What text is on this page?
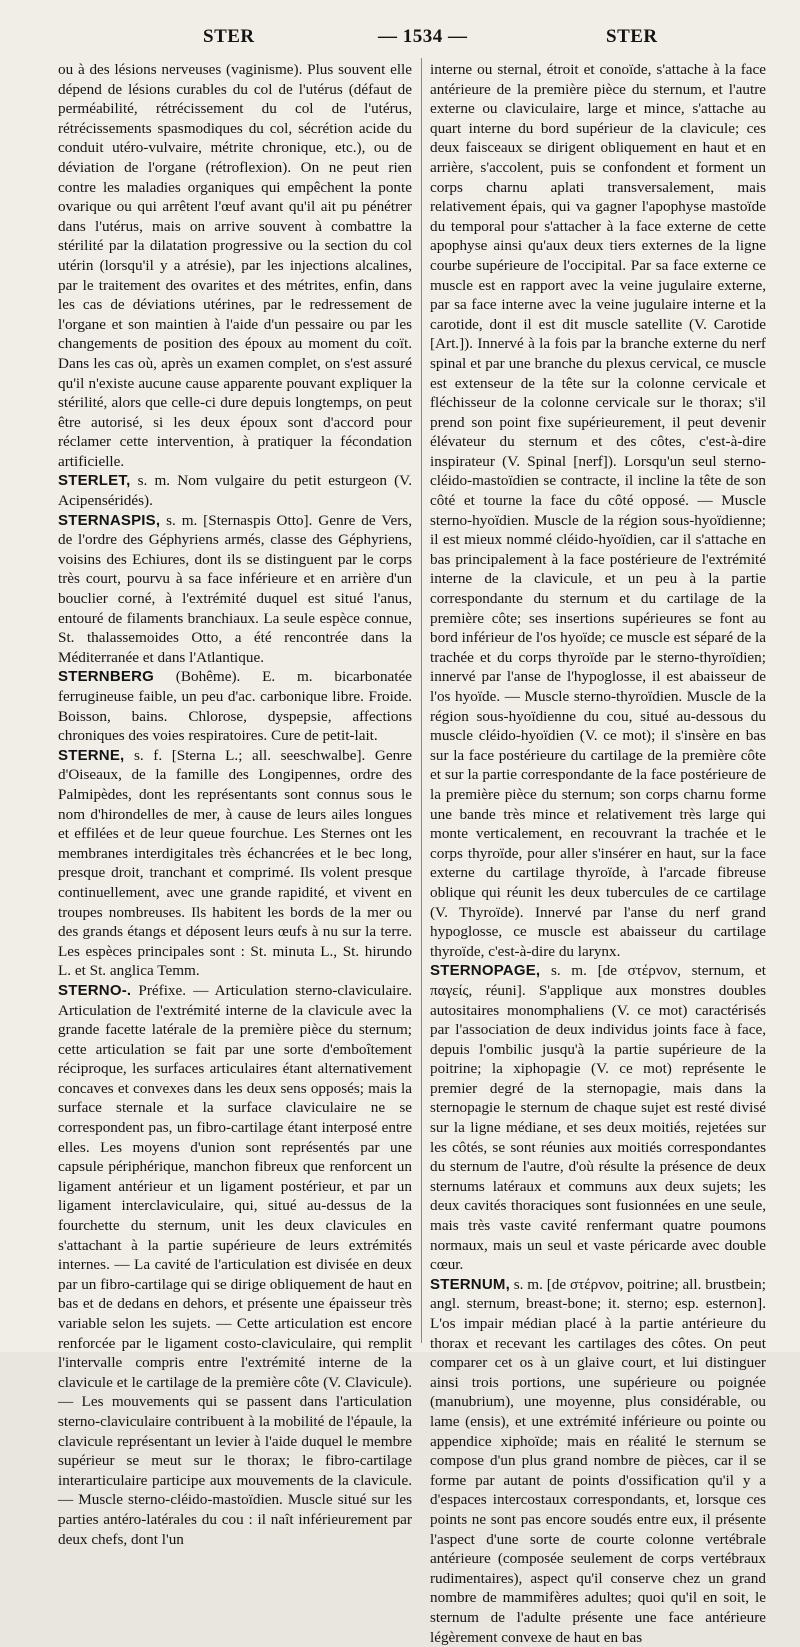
STER	— 1534 —	STER

ou à des lésions nerveuses (vaginisme). Plus souvent elle dépend de lésions curables du col de l'utérus (défaut de perméabilité, rétrécissement du col de l'utérus, rétrécissements spasmodiques du col, sécrétion acide du conduit utéro-vulvaire, métrite chronique, etc.), ou de déviation de l'organe (rétroflexion). On ne peut rien contre les maladies organiques qui empêchent la ponte ovarique ou qui arrêtent l'œuf avant qu'il ait pu pénétrer dans l'utérus, mais on arrive souvent à combattre la stérilité par la dilatation progressive ou la section du col utérin (lorsqu'il y a atrésie), par les injections alcalines, par le traitement des ovarites et des métrites, enfin, dans les cas de déviations utérines, par le redressement de l'organe et son maintien à l'aide d'un pessaire ou par les changements de position des époux au moment du coït. Dans les cas où, après un examen complet, on s'est assuré qu'il n'existe aucune cause apparente pouvant expliquer la stérilité, alors que celle-ci dure depuis longtemps, on peut être autorisé, si les deux époux sont d'accord pour réclamer cette intervention, à pratiquer la fécondation artificielle.

STERLET, s. m. Nom vulgaire du petit esturgeon (V. Acipenséridés).

STERNASPIS, s. m. [Sternaspis Otto]. Genre de Vers, de l'ordre des Géphyriens armés, classe des Géphyriens, voisins des Echiures, dont ils se distinguent par le corps très court, pourvu à sa face inférieure et en arrière d'un bouclier corné, à l'extrémité duquel est situé l'anus, entouré de filaments branchiaux. La seule espèce connue, St. thalassemoides Otto, a été rencontrée dans la Méditerranée et dans l'Atlantique.

STERNBERG (Bohême). E. m. bicarbonatée ferrugineuse faible, un peu d'ac. carbonique libre. Froide. Boisson, bains. Chlorose, dyspepsie, affections chroniques des voies respiratoires. Cure de petit-lait.

STERNE, s. f. [Sterna L.; all. seeschwalbe]. Genre d'Oiseaux, de la famille des Longipennes, ordre des Palmipèdes, dont les représentants sont connus sous le nom d'hirondelles de mer, à cause de leurs ailes longues et effilées et de leur queue fourchue. Les Sternes ont les membranes interdigitales très échancrées et le bec long, presque droit, tranchant et comprimé. Ils volent presque continuellement, avec une grande rapidité, et vivent en troupes nombreuses. Ils habitent les bords de la mer ou des grands étangs et déposent leurs œufs à nu sur la terre. Les espèces principales sont : St. minuta L., St. hirundo L. et St. anglica Temm.

STERNO-. Préfixe. — Articulation sterno-claviculaire. Articulation de l'extrémité interne de la clavicule avec la grande facette latérale de la première pièce du sternum; cette articulation se fait par une sorte d'emboîtement réciproque, les surfaces articulaires étant alternativement concaves et convexes dans les deux sens opposés; mais la surface sternale et la surface claviculaire ne se correspondent pas, un fibro-cartilage étant interposé entre elles. Les moyens d'union sont représentés par une capsule périphérique, manchon fibreux que renforcent un ligament antérieur et un ligament postérieur, et par un ligament interclaviculaire, qui, situé au-dessus de la fourchette du sternum, unit les deux clavicules en s'attachant à la partie supérieure de leurs extrémités internes. — La cavité de l'articulation est divisée en deux par un fibro-cartilage qui se dirige obliquement de haut en bas et de dedans en dehors, et présente une épaisseur très variable selon les sujets. — Cette articulation est encore renforcée par le ligament costo-claviculaire, qui remplit l'intervalle compris entre l'extrémité interne de la clavicule et le cartilage de la première côte (V. Clavicule). — Les mouvements qui se passent dans l'articulation sterno-claviculaire contribuent à la mobilité de l'épaule, la clavicule représentant un levier à l'aide duquel le membre supérieur se meut sur le thorax; le fibro-cartilage interarticulaire participe aux mouvements de la clavicule. — Muscle sterno-cléido-mastoïdien. Muscle situé sur les parties antéro-latérales du cou : il naît inférieurement par deux chefs, dont l'un

interne ou sternal, étroit et conoïde, s'attache à la face antérieure de la première pièce du sternum, et l'autre externe ou claviculaire, large et mince, s'attache au quart interne du bord supérieur de la clavicule; ces deux faisceaux se dirigent obliquement en haut et en arrière, s'accolent, puis se confondent et forment un corps charnu aplati transversalement, mais relativement épais, qui va gagner l'apophyse mastoïde du temporal pour s'attacher à la face externe de cette apophyse ainsi qu'aux deux tiers externes de la ligne courbe supérieure de l'occipital. Par sa face externe ce muscle est en rapport avec la veine jugulaire externe, par sa face interne avec la veine jugulaire interne et la carotide, dont il est dit muscle satellite (V. Carotide [Art.]). Innervé à la fois par la branche externe du nerf spinal et par une branche du plexus cervical, ce muscle est extenseur de la tête sur la colonne cervicale et fléchisseur de la colonne cervicale sur le thorax; s'il prend son point fixe supérieurement, il peut devenir élévateur du sternum et des côtes, c'est-à-dire inspirateur (V. Spinal [nerf]). Lorsqu'un seul sterno-cléido-mastoïdien se contracte, il incline la tête de son côté et tourne la face du côté opposé. — Muscle sterno-hyoïdien. Muscle de la région sous-hyoïdienne; il est mieux nommé cléido-hyoïdien, car il s'attache en bas principalement à la face postérieure de l'extrémité interne de la clavicule, et un peu à la partie correspondante du sternum et du cartilage de la première côte; ses insertions supérieures se font au bord inférieur de l'os hyoïde; ce muscle est séparé de la trachée et du corps thyroïde par le sterno-thyroïdien; innervé par l'anse de l'hypoglosse, il est abaisseur de l'os hyoïde. — Muscle sterno-thyroïdien. Muscle de la région sous-hyoïdienne du cou, situé au-dessous du muscle cléido-hyoïdien (V. ce mot); il s'insère en bas sur la face postérieure du cartilage de la première côte et sur la partie correspondante de la face postérieure de la première pièce du sternum; son corps charnu forme une bande très mince et relativement très large qui monte verticalement, en recouvrant la trachée et le corps thyroïde, pour aller s'insérer en haut, sur la face externe du cartilage thyroïde, à l'arcade fibreuse oblique qui réunit les deux tubercules de ce cartilage (V. Thyroïde). Innervé par l'anse du nerf grand hypoglosse, ce muscle est abaisseur du cartilage thyroïde, c'est-à-dire du larynx.

STERNOPAGE, s. m. [de στέρνον, sternum, et παγείς, réuni]. S'applique aux monstres doubles autositaires monomphaliens (V. ce mot) caractérisés par l'association de deux individus joints face à face, depuis l'ombilic jusqu'à la partie supérieure de la poitrine; la xiphopagie (V. ce mot) représente le premier degré de la sternopagie, mais dans la sternopagie le sternum de chaque sujet est resté divisé sur la ligne médiane, et ses deux moitiés, rejetées sur les côtés, se sont réunies aux moitiés correspondantes du sternum de l'autre, d'où résulte la présence de deux sternums latéraux et communs aux deux sujets; les deux cavités thoraciques sont fusionnées en une seule, mais très vaste cavité renfermant quatre poumons normaux, mais un seul et vaste péricarde avec double cœur.

STERNUM, s. m. [de στέρνον, poitrine; all. brustbein; angl. sternum, breast-bone; it. sterno; esp. esternon]. L'os impair médian placé à la partie antérieure du thorax et recevant les cartilages des côtes. On peut comparer cet os à un glaive court, et lui distinguer ainsi trois portions, une supérieure ou poignée (manubrium), une moyenne, plus considérable, ou lame (ensis), et une extrémité inférieure ou pointe ou appendice xiphoïde; mais en réalité le sternum se compose d'un plus grand nombre de pièces, car il se forme par autant de points d'ossification qu'il y a d'espaces intercostaux correspondants, et, lorsque ces points ne sont pas encore soudés entre eux, il présente l'aspect d'une sorte de courte colonne vertébrale antérieure (composée seulement de corps vertébraux rudimentaires), aspect qu'il conserve chez un grand nombre de mammifères adultes; quoi qu'il en soit, le sternum de l'adulte présente une face antérieure légèrement convexe de haut en bas
